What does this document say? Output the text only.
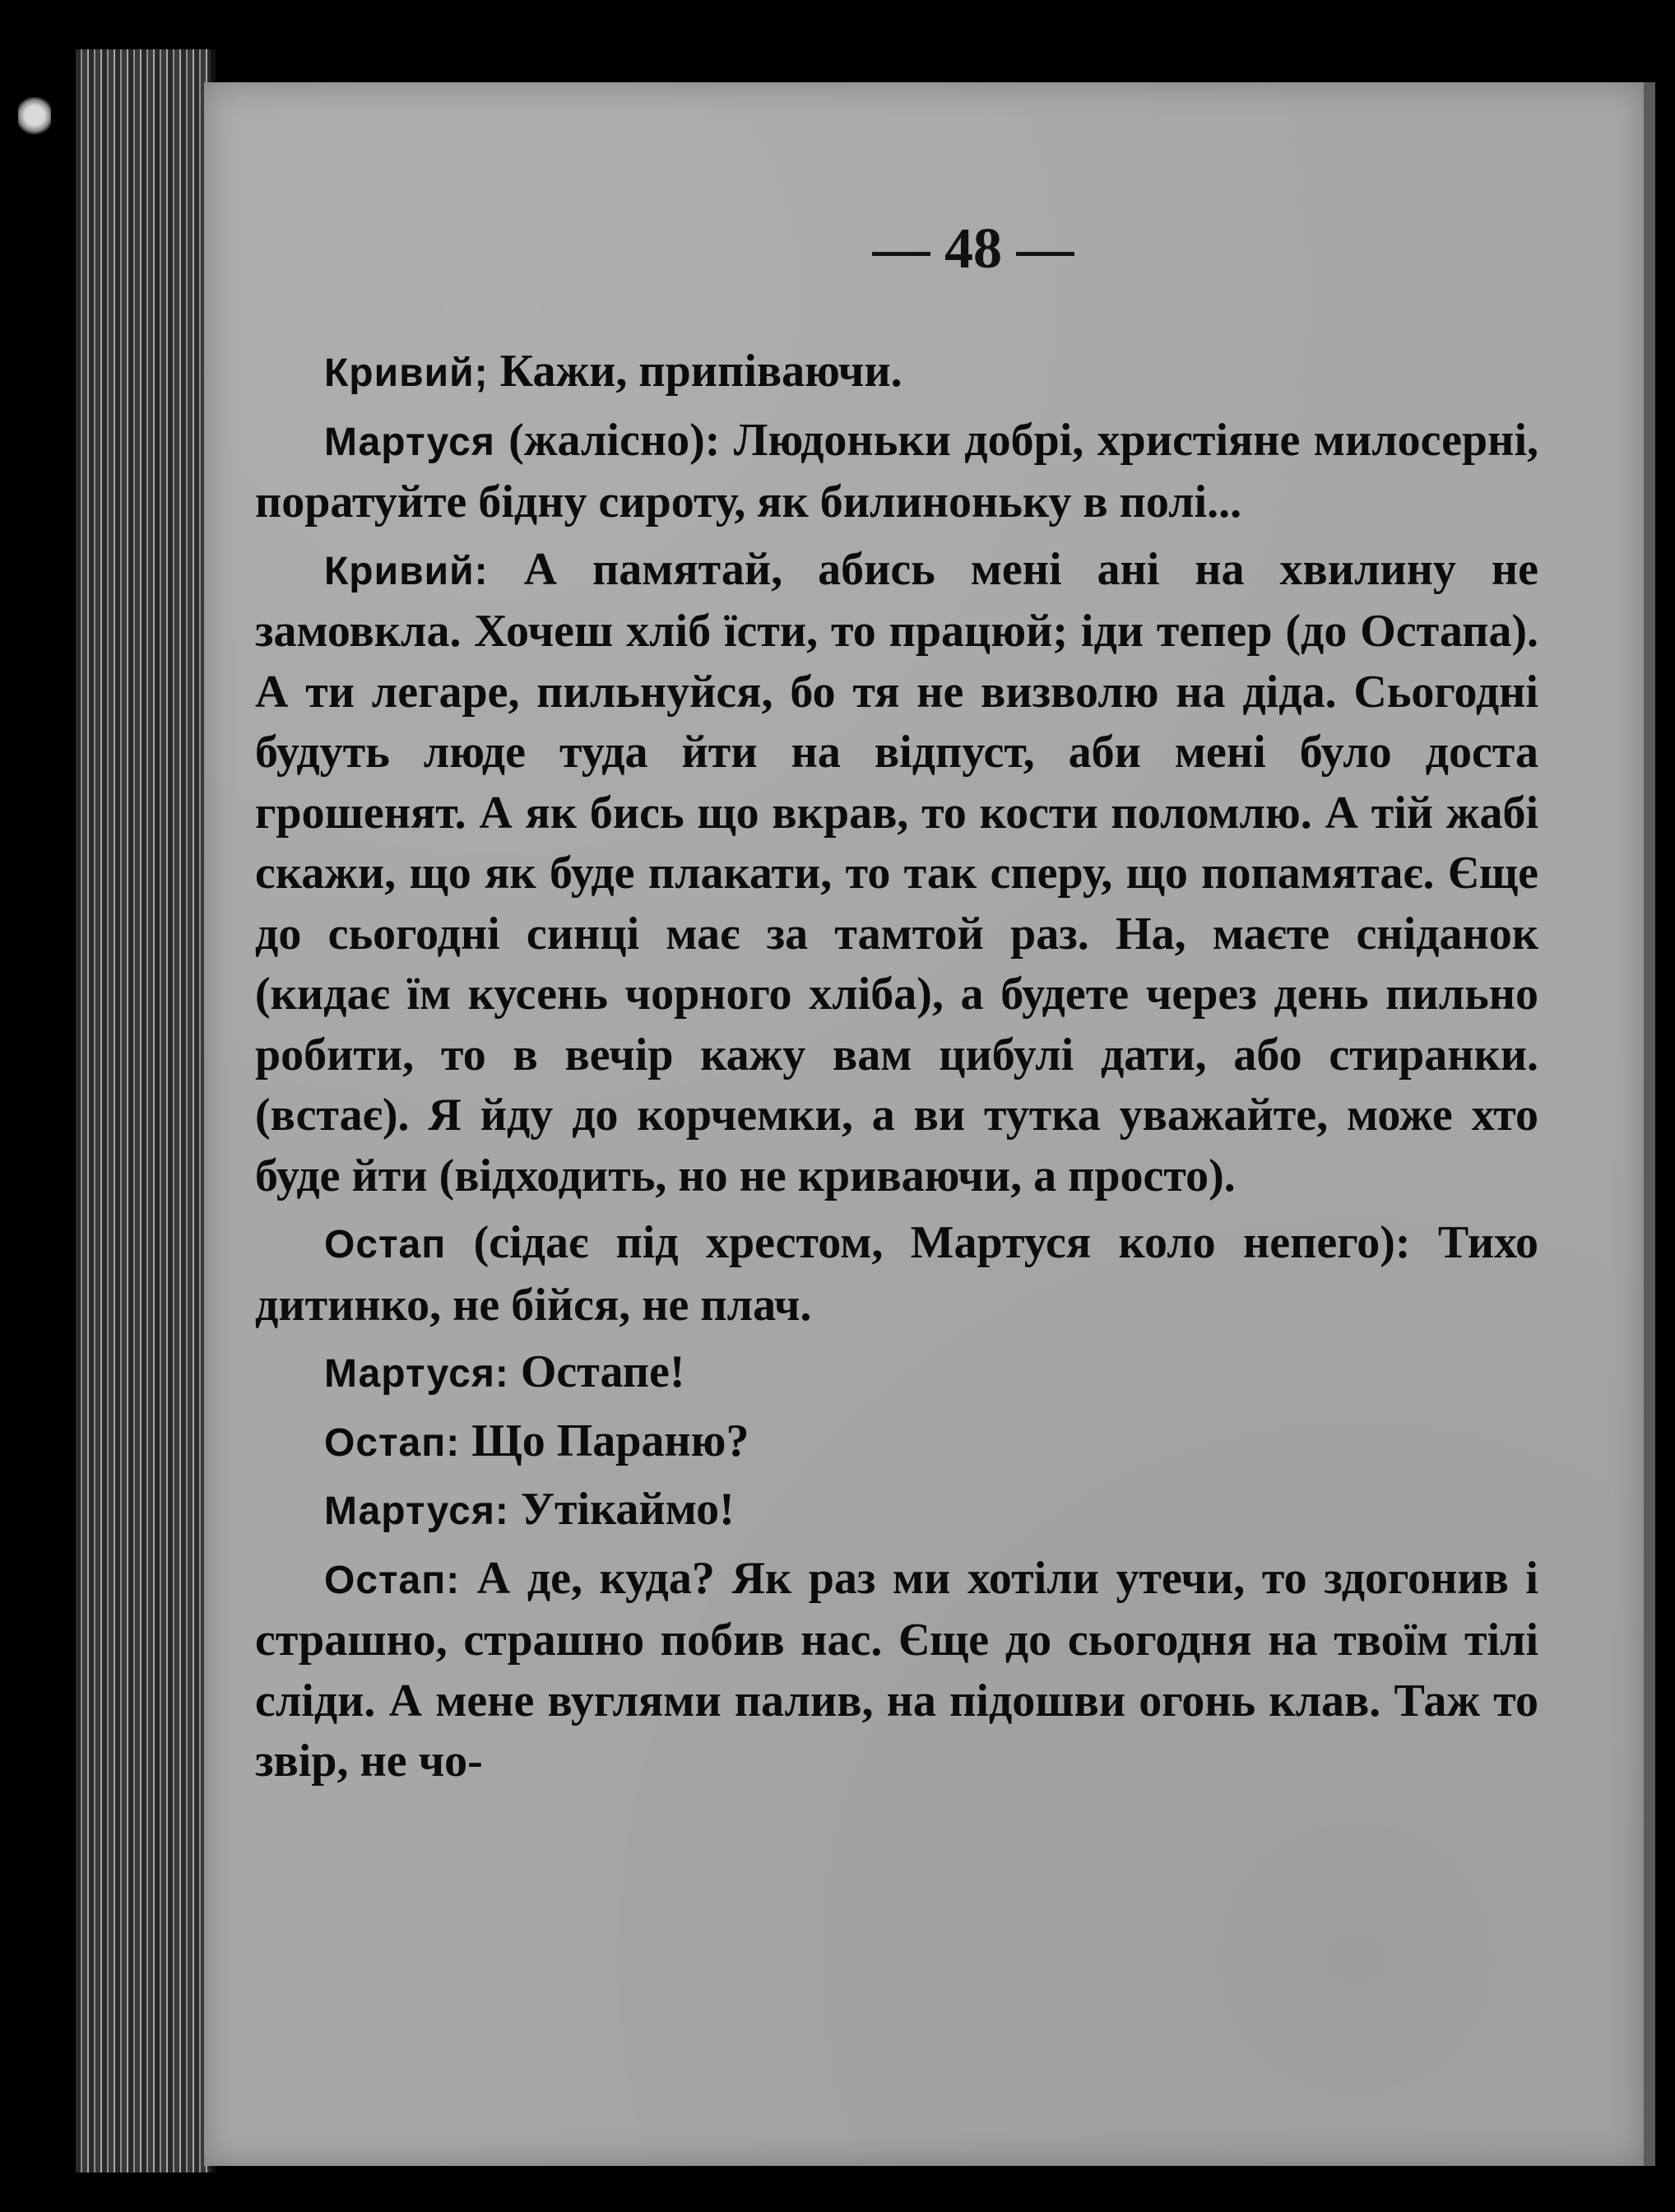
— 48 —

Кривий; Кажи, припіваючи.

Мартуся (жалісно): Людоньки добрі, христіяне милосерні, поратуйте бідну сироту, як билиноньку в полі...

Кривий: А памятай, абись мені ані на хвилину не замовкла. Хочеш хліб їсти, то працюй; іди тепер (до Остапа). А ти легаре, пильнуйся, бо тя не визволю на діда. Сьогодні будуть люде туда йти на відпуст, аби мені було доста грошенят. А як бись що вкрав, то кости поломлю. А тій жабі скажи, що як буде плакати, то так сперу, що попамятає. Єще до сьогодні синці має за тамтой раз. На, маєте сніданок (кидає їм кусень чорного хліба), а будете через день пильно робити, то в вечір кажу вам цибулі дати, або стиранки. (встає). Я йду до корчемки, а ви тутка уважайте, може хто буде йти (відходить, но не криваючи, а просто).

Остап (сідає під хрестом, Мартуся коло непего): Тихо дитинко, не бійся, не плач.

Мартуся: Остапе!

Остап: Що Параню?

Мартуся: Утікаймо!

Остап: А де, куда? Як раз ми хотіли утечи, то здогонив і страшно, страшно побив нас. Єще до сьогодня на твоїм тілі сліди. А мене вуглями палив, на підошви огонь клав. Таж то звір, не чо-
